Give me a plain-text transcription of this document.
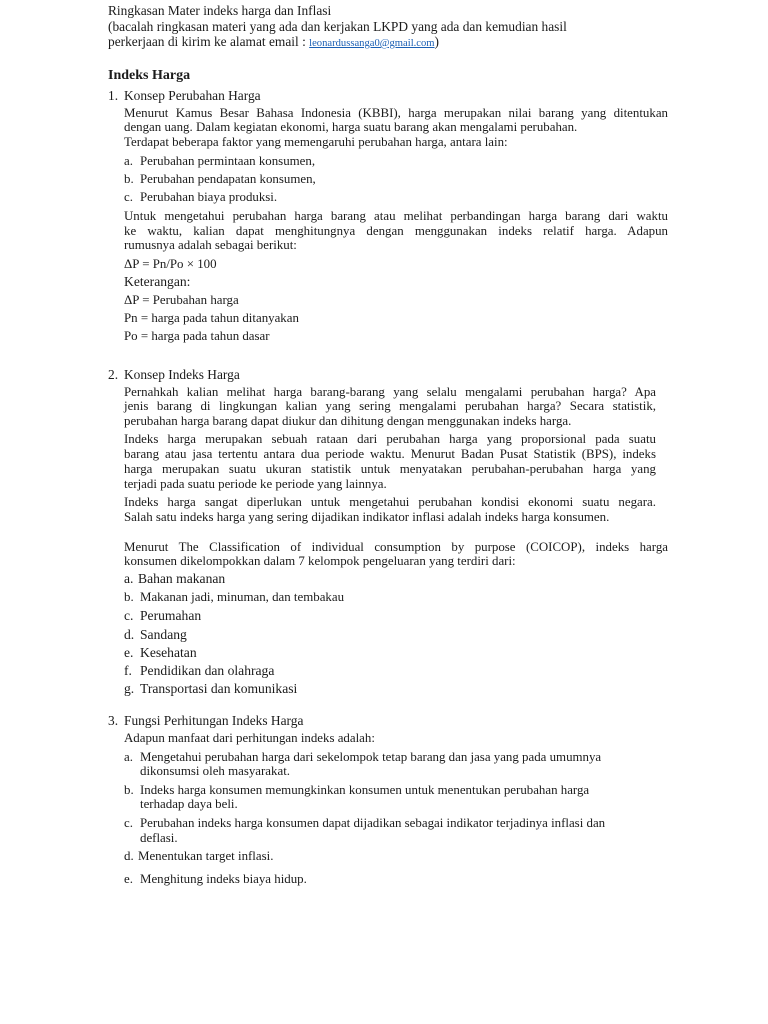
Ringkasan Mater indeks harga dan Inflasi
(bacalah ringkasan materi yang ada dan kerjakan LKPD yang ada dan kemudian hasil
perkerjaan di kirim ke alamat email : leonardussanga0@gmail.com)
Indeks Harga
1. Konsep Perubahan Harga
Menurut Kamus Besar Bahasa Indonesia (KBBI), harga merupakan nilai barang yang ditentukan
dengan uang. Dalam kegiatan ekonomi, harga suatu barang akan mengalami perubahan.
Terdapat beberapa faktor yang memengaruhi perubahan harga, antara lain:
a. Perubahan permintaan konsumen,
b. Perubahan pendapatan konsumen,
c. Perubahan biaya produksi.
Untuk mengetahui perubahan harga barang atau melihat perbandingan harga barang dari waktu
ke waktu, kalian dapat menghitungnya dengan menggunakan indeks relatif harga. Adapun
rumusnya adalah sebagai berikut:
ΔP = Pn/Po × 100
Keterangan:
ΔP = Perubahan harga
Pn = harga pada tahun ditanyakan
Po = harga pada tahun dasar
2. Konsep Indeks Harga
Pernahkah kalian melihat harga barang-barang yang selalu mengalami perubahan harga? Apa
jenis barang di lingkungan kalian yang sering mengalami perubahan harga? Secara statistik,
perubahan harga barang dapat diukur dan dihitung dengan menggunakan indeks harga.
Indeks harga merupakan sebuah rataan dari perubahan harga yang proporsional pada suatu
barang atau jasa tertentu antara dua periode waktu. Menurut Badan Pusat Statistik (BPS), indeks
harga merupakan suatu ukuran statistik untuk menyatakan perubahan-perubahan harga yang
terjadi pada suatu periode ke periode yang lainnya.
Indeks harga sangat diperlukan untuk mengetahui perubahan kondisi ekonomi suatu negara.
Salah satu indeks harga yang sering dijadikan indikator inflasi adalah indeks harga konsumen.
Menurut The Classification of individual consumption by purpose (COICOP), indeks harga
konsumen dikelompokkan dalam 7 kelompok pengeluaran yang terdiri dari:
a. Bahan makanan
b. Makanan jadi, minuman, dan tembakau
c. Perumahan
d. Sandang
e. Kesehatan
f. Pendidikan dan olahraga
g. Transportasi dan komunikasi
3. Fungsi Perhitungan Indeks Harga
Adapun manfaat dari perhitungan indeks adalah:
a. Mengetahui perubahan harga dari sekelompok tetap barang dan jasa yang pada umumnya
dikonsumsi oleh masyarakat.
b. Indeks harga konsumen memungkinkan konsumen untuk menentukan perubahan harga
terhadap daya beli.
c. Perubahan indeks harga konsumen dapat dijadikan sebagai indikator terjadinya inflasi dan
deflasi.
d. Menentukan target inflasi.
e. Menghitung indeks biaya hidup.
